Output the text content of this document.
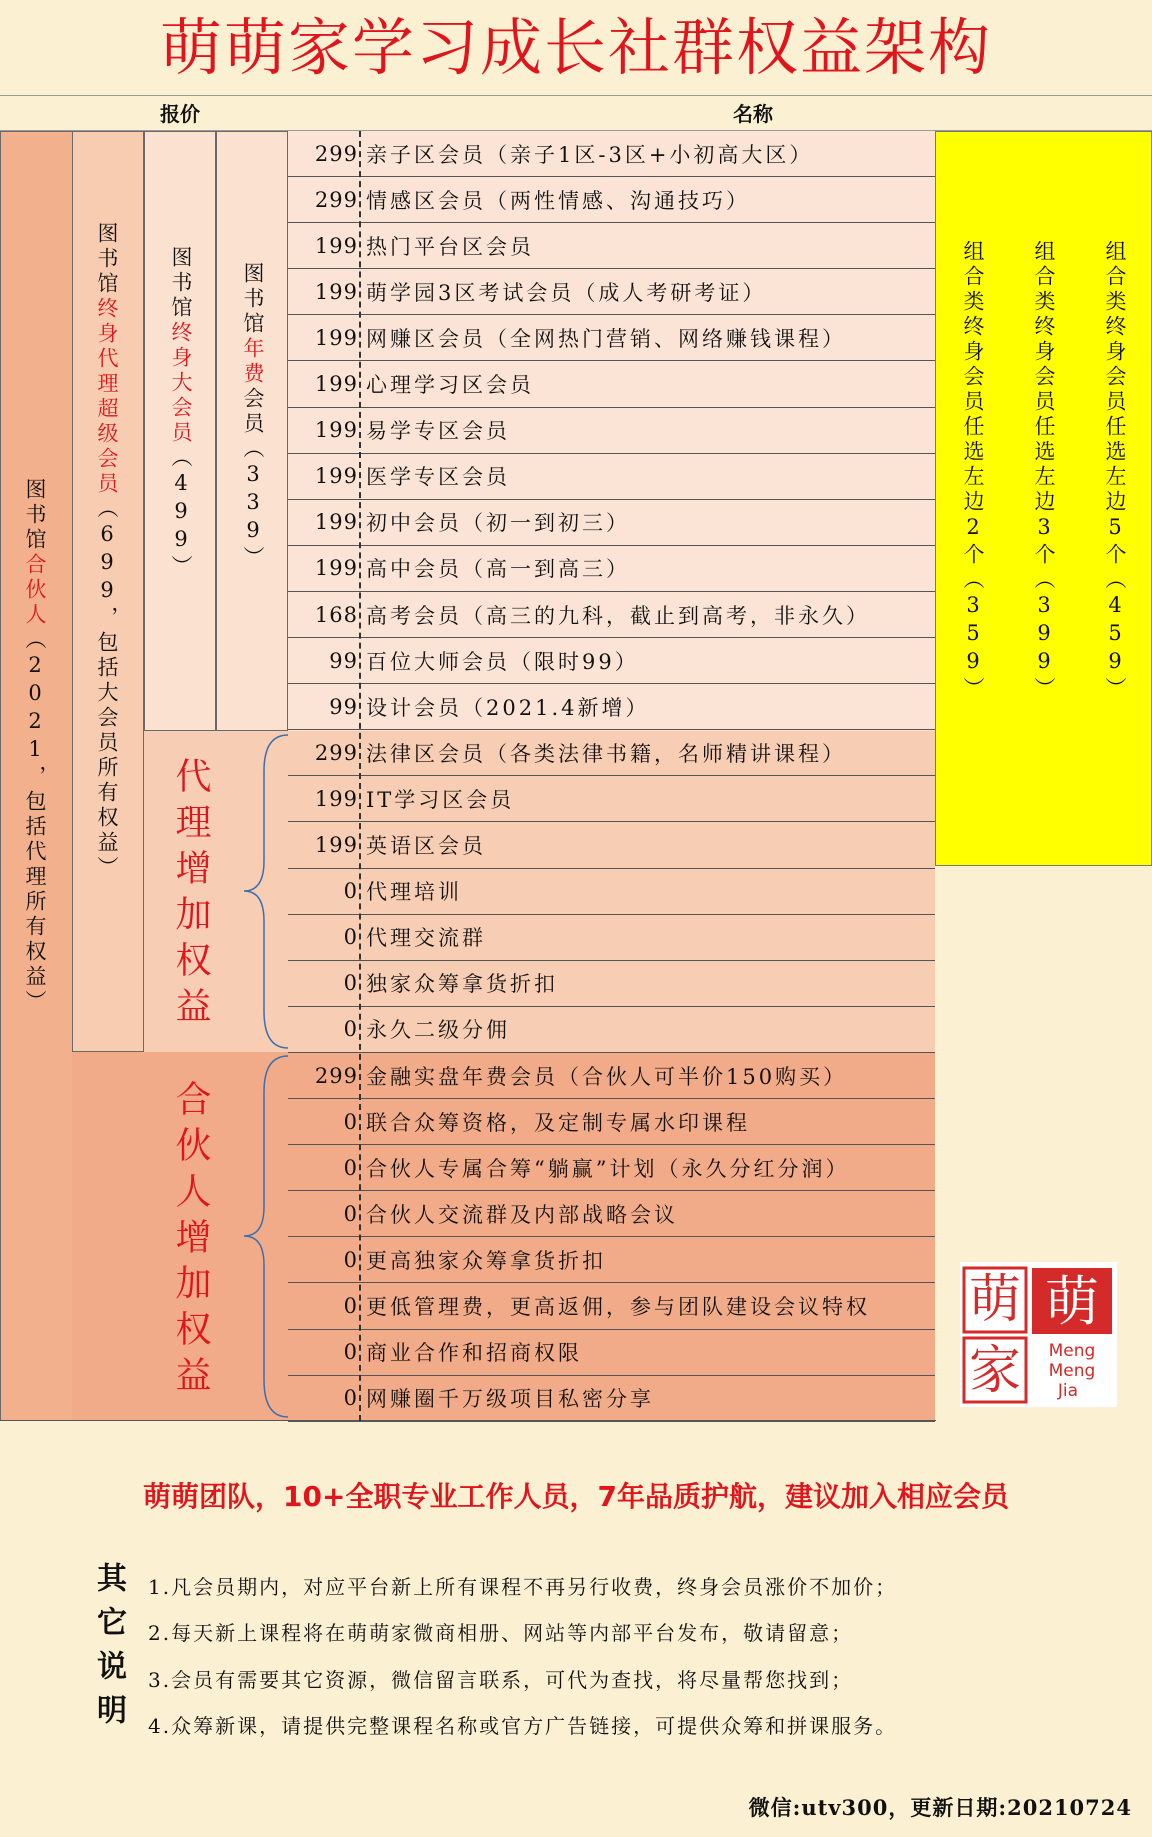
萌萌家学习成长社群权益架构
报价	名称
图书馆合伙人（2021，包括代理所有权益）
图书馆终身代理超级会员（699，包括大会员所有权益）
图书馆终身大会员（499）
图书馆年费会员（339）
代理增加权益
合伙人增加权益
299 亲子区会员（亲子1区-3区+小初高大区）
299 情感区会员（两性情感、沟通技巧）
199 热门平台区会员
199 萌学园3区考试会员（成人考研考证）
199 网赚区会员（全网热门营销、网络赚钱课程）
199 心理学习区会员
199 易学专区会员
199 医学专区会员
199 初中会员（初一到初三）
199 高中会员（高一到高三）
168 高考会员（高三的九科，截止到高考，非永久）
99 百位大师会员（限时99）
99 设计会员（2021.4新增）
299 法律区会员（各类法律书籍，名师精讲课程）
199 IT学习区会员
199 英语区会员
0 代理培训
0 代理交流群
0 独家众筹拿货折扣
0 永久二级分佣
299 金融实盘年费会员（合伙人可半价150购买）
0 联合众筹资格，及定制专属水印课程
0 合伙人专属合筹“躺赢”计划（永久分红分润）
0 合伙人交流群及内部战略会议
0 更高独家众筹拿货折扣
0 更低管理费，更高返佣，参与团队建设会议特权
0 商业合作和招商权限
0 网赚圈千万级项目私密分享
组合类终身会员任选左边2个（359） 组合类终身会员任选左边3个（399） 组合类终身会员任选左边5个（459）
萌 萌
家 Meng
Meng
Jia
萌萌团队，10+全职专业工作人员，7年品质护航，建议加入相应会员
其它说明 1.凡会员期内，对应平台新上所有课程不再另行收费，终身会员涨价不加价；
2.每天新上课程将在萌萌家微商相册、网站等内部平台发布，敬请留意；
3.会员有需要其它资源，微信留言联系，可代为查找，将尽量帮您找到；
4.众筹新课，请提供完整课程名称或官方广告链接，可提供众筹和拼课服务。
微信:utv300，更新日期:20210724
